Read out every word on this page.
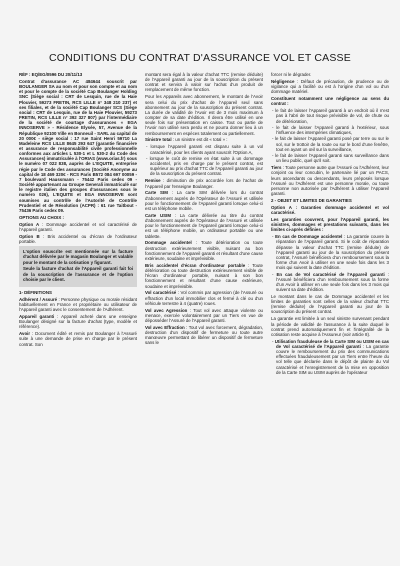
CONDITIONS DU CONTRAT D'ASSURANCE VOL ET CASSE

RÉF : EQ/EG/0596 DU 20/11/13

Contrat d'assurance AC 484644 souscrit par BOULANGER SA au nom et pour son compte et au nom et pour le compte de la société Cap Boulanger Holding SNC (Siège social : CRT de Lesquin, rue de la Haie Plouvier, 59273 FRETIN, RCS LILLE n° 348 210 237) et ses filiales, et de la société Cap Boulanger SCS (Siège social : CRT de Lesquin, rue de la Haie Plouvier, 59273 FRETIN, RCS LILLE n° 392 327 807) par l'intermédiaire de la société de courtage d'assurances « EGA INNOSERVE » - Résidence Elysée, 57, Avenue de la République 92100 Ville en Bonneuil - SARL au capital de 20 000€ - siège social : 17 rue Saint Henri 59710 La Madeleine RCS LILLE 8645 293 647 (garantie financière et assurance de responsabilité civile professionnelle conformes aux articles L 530-1 et L 530-2 du Code des Assurances) immatriculée à l'ORIAS (www.orias.fr) sous le numéro 07 022 838, auprès de L'EQUITE, entreprise régie par le Code des assurances (Société Anonyme au capital de 18 469 320€ - RCS Paris B572 084 697 00059 - 7 boulevard Haussmann - 75442 Paris cedex 09 - Société appartenant au Groupe Generali immatriculé sur le registre italien des groupes d'assurances sous le numéro 026), L'EQUITE et EGA INNOSERVE sont soumises au contrôle de l'Autorité de Contrôle Prudentiel et de Résolution (ACPR) : 61 rue Taitbout - 75436 Paris cedex 09.

OPTIONS AU CHOIX :

Option A : Dommage accidentel et vol caractérisé de l'Appareil garanti.

Option B : Bris accidentel ou d'écran de l'ordinateur portable.

L'option souscrite est mentionnée sur la facture d'achat délivrée par le magasin Boulanger et valable pour le montant de la cotisation y figurant.

Seule la facture d'achat de l'Appareil garanti fait foi de la souscription de l'assurance et de l'option choisie par le client.

1- DÉFINITIONS

Adhérent / Assuré : Personne physique ou morale résidant habituellement en France et propriétaire ou utilisateur de l'Appareil garanti avec le consentement de l'Adhérent.

Appareil garanti : Appareil acheté dans une enseigne Boulanger désigné sur la facture d'achat (type, modèle et référence).

Avoir : Document édité et remis par Boulanger à l'Assuré suite à une demande de prise en charge par le présent contrat. Son

montant sera égal à la valeur d'achat TTC (remise déduite) de l'Appareil garanti au jour de la souscription du présent contrat et servira à valoir sur l'achat d'un produit de remplacement de même fonction.

Pour les Appareils avec abonnement, le montant de l'Avoir sera celui du prix d'achat de l'Appareil seul sans abonnement au jour de la souscription du présent contrat. La durée de validité de l'Avoir est de 3 mois maximum à compter de sa date d'édition. Il devra être utilisé en une seule fois sur présentation en caisse. Tout ou partie de l'Avoir non utilisé sera perdu et ne pourra donner lieu à un remboursement en espèces totalement ou partiellement.

Sinistre total : un sinistre est dit « total » :

- lorsque l'Appareil garanti est disparu suite à un vol caractérisé, pour les clients ayant souscrit l'Option A,
- lorsque le coût de remise en état suite à un dommage accidentel, pris en charge par le présent contrat, est supérieur au prix d'achat TTC de l'Appareil garanti au jour de la souscription du présent contrat.

Remise : diminution de prix accordée lors de l'achat de l'Appareil par l'enseigne Boulanger.

Carte SIM : La carte SIM délivrée lors du contrat d'abonnement auprès de l'Opérateur de l'Assuré et utilisée pour le fonctionnement de l'Appareil garanti lorsque celui-ci est un téléphone mobile.

Carte USIM : La carte délivrée au titre du contrat d'abonnement auprès de l'Opérateur de l'Assuré et utilisée pour le fonctionnement de l'Appareil garanti lorsque celui-ci est un téléphone mobile, un ordinateur portable ou une tablette.

Dommage accidentel : Toute détérioration ou toute destruction extérieurement visible, nuisant au bon fonctionnement de l'Appareil garanti et résultant d'une cause extérieure, soudaine et imprévisible.

Bris accidentel d'écran d'ordinateur portable : Toute détérioration ou toute destruction extérieurement visible de l'écran d'ordinateur portable, nuisant à son bon fonctionnement et résultant d'une cause extérieure, soudaine et imprévisible.

Vol caractérisé : Vol commis par agression (de l'Assuré ou effraction d'un local immobilier clos et fermé à clé ou d'un véhicule terrestre à 4 (quatre) roues.

Vol avec Agression : Tout vol avec attaque violente ou menace, exercée volontairement par un Tiers en vue de déposséder l'Assuré de l'Appareil garanti.

Vol avec Effraction : Tout vol avec forcement, dégradation, destruction d'un dispositif de fermeture ou toute autre manœuvre permettant de libérer un dispositif de fermeture sans le

forcer ni le dégrader.

Négligence : Défaut de précaution, de prudence ou de vigilance qui a facilité ou est à l'origine d'un vol ou d'un dommage matériel.

Constituent notamment une négligence au sens du contrat :

- le fait de laisser l'Appareil garanti à un endroit où il n'est pas à l'abri de tout risque prévisible de vol, de chute ou de détérioration,
- le fait de laisser l'Appareil garanti à l'extérieur, sous l'influence des intempéries climatiques,
- le fait de laisser l'Appareil garanti posé par terre ou sur le sol, sur le trottoir de la route ou sur le bord d'une fenêtre, tout en ayant un œil sur la surveillance,
- le fait de laisser l'Appareil garanti sans surveillance dans un lieu public, quel qu'il soit.

Tiers : Toute personne autre que l'Assuré ou l'Adhérent, leur conjoint ou leur concubin, le partenaire lié par un PACS, leurs ascendants ou descendants, leurs préposés lorsque l'Assuré ou l'Adhérent est une personne morale, ou toute personne non autorisée par l'Adhérent à utiliser l'Appareil garanti.

2 - OBJET ET LIMITES DE GARANTIES

Option A : Garanties dommage accidentel et vol caractérisé.

Les garanties couvrent, pour l'Appareil garanti, les sinistres, dommages et prestations suivants, dans les limites ci-après définies :

- En cas de Dommage accidentel : La garantie couvre la réparation de l'Appareil garanti. Si le coût de réparation dépasse la valeur d'achat TTC (remise déduite) de l'Appareil garanti au jour de la souscription du présent contrat, l'Assuré bénéficiera d'un remboursement sous la forme d'un Avoir à utiliser en une seule fois dans les 3 mois qui suivent la date d'édition.
- En cas de Vol caractérisé de l'Appareil garanti : l'Assuré bénéficiera d'un remboursement sous la forme d'un Avoir à utiliser en une seule fois dans les 3 mois qui suivent sa date d'édition.

Le montant dans le cas de Dommage accidentel et les limites de garanties sont celles de la valeur d'achat TTC (remise déduite) de l'Appareil garanti au jour de la souscription du présent contrat.

La garantie est limitée à un seul sinistre survenant pendant la période de validité de l'assurance à la suite duquel le contrat prend automatiquement fin et l'intégralité de la cotisation reste acquise à l'Assureur (voir article 8).

- Utilisation frauduleuse de la Carte SIM ou USIM en cas de Vol caractérisé de l'Appareil garanti : La garantie couvre le remboursement du prix des communications effectuées frauduleusement par un Tiers entre l'heure du vol telle que déclarée dans le dépôt de plainte du Vol caractérisé et l'enregistrement de la mise en opposition de la Carte SIM ou USIM auprès de l'opérateur
